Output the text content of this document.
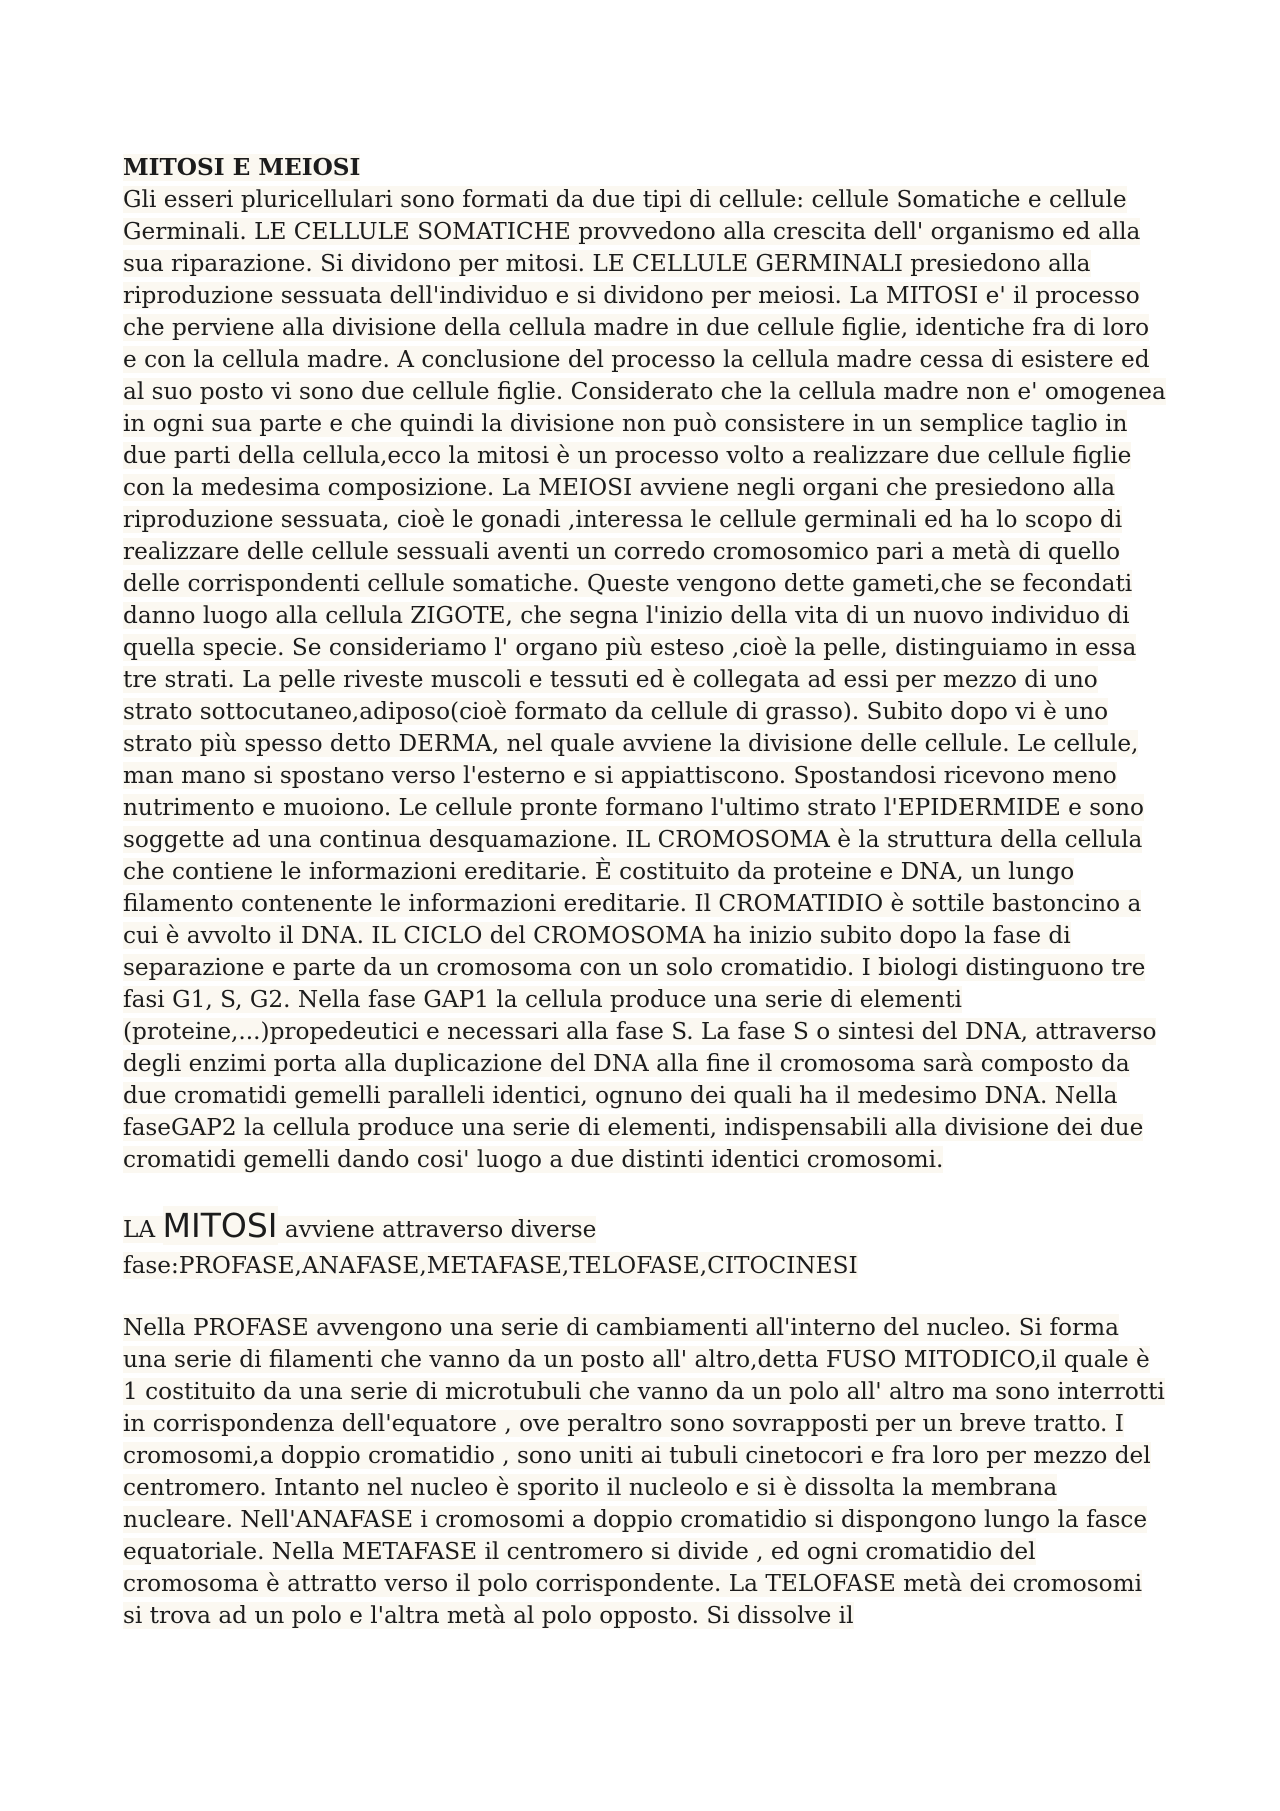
MITOSI E MEIOSI

Gli esseri pluricellulari sono formati da due tipi di cellule: cellule Somatiche e cellule Germinali. LE CELLULE SOMATICHE provvedono alla crescita dell' organismo ed alla sua riparazione. Si dividono per mitosi. LE CELLULE GERMINALI presiedono alla riproduzione sessuata dell'individuo e si dividono per meiosi. La MITOSI e' il processo che perviene alla divisione della cellula madre in due cellule figlie, identiche fra di loro e con la cellula madre. A conclusione del processo la cellula madre cessa di esistere ed al suo posto vi sono due cellule figlie. Considerato che la cellula madre non e' omogenea in ogni sua parte e che quindi la divisione non può consistere in un semplice taglio in due parti della cellula,ecco la mitosi è un processo volto a realizzare due cellule figlie con la medesima composizione. La MEIOSI avviene negli organi che presiedono alla riproduzione sessuata, cioè le gonadi ,interessa le cellule germinali ed ha lo scopo di realizzare delle cellule sessuali aventi un corredo cromosomico pari a metà di quello delle corrispondenti cellule somatiche. Queste vengono dette gameti,che se fecondati danno luogo alla cellula ZIGOTE, che segna l'inizio della vita di un nuovo individuo di quella specie. Se consideriamo l' organo più esteso ,cioè la pelle, distinguiamo in essa tre strati. La pelle riveste muscoli e tessuti ed è collegata ad essi per mezzo di uno strato sottocutaneo,adiposo(cioè formato da cellule di grasso). Subito dopo vi è uno strato più spesso detto DERMA, nel quale avviene la divisione delle cellule. Le cellule, man mano si spostano verso l'esterno e si appiattiscono. Spostandosi ricevono meno nutrimento e muoiono. Le cellule pronte formano l'ultimo strato l'EPIDERMIDE e sono soggette ad una continua desquamazione. IL CROMOSOMA è la struttura della cellula che contiene le informazioni ereditarie. È costituito da proteine e DNA, un lungo filamento contenente le informazioni ereditarie. Il CROMATIDIO è sottile bastoncino a cui è avvolto il DNA. IL CICLO del CROMOSOMA ha inizio subito dopo la fase di separazione e parte da un cromosoma con un solo cromatidio. I biologi distinguono tre fasi G1, S, G2. Nella fase GAP1 la cellula produce una serie di elementi (proteine,...)propedeutici e necessari alla fase S. La fase S o sintesi del DNA, attraverso degli enzimi porta alla duplicazione del DNA alla fine il cromosoma sarà composto da due cromatidi gemelli paralleli identici, ognuno dei quali ha il medesimo DNA. Nella faseGAP2 la cellula produce una serie di elementi, indispensabili alla divisione dei due cromatidi gemelli dando cosi' luogo a due distinti identici cromosomi.

LA MITOSI avviene attraverso diverse
fase:PROFASE,ANAFASE,METAFASE,TELOFASE,CITOCINESI

Nella PROFASE avvengono una serie di cambiamenti all'interno del nucleo. Si forma una serie di filamenti che vanno da un posto all' altro,detta FUSO MITODICO,il quale è 1 costituito da una serie di microtubuli che vanno da un polo all' altro ma sono interrotti in corrispondenza dell'equatore , ove peraltro sono sovrapposti per un breve tratto. I cromosomi,a doppio cromatidio , sono uniti ai tubuli cinetocori e fra loro per mezzo del centromero. Intanto nel nucleo è sporito il nucleolo e si è dissolta la membrana nucleare. Nell'ANAFASE i cromosomi a doppio cromatidio si dispongono lungo la fasce equatoriale. Nella METAFASE il centromero si divide , ed ogni cromatidio del cromosoma è attratto verso il polo corrispondente. La TELOFASE metà dei cromosomi si trova ad un polo e l'altra metà al polo opposto. Si dissolve il
